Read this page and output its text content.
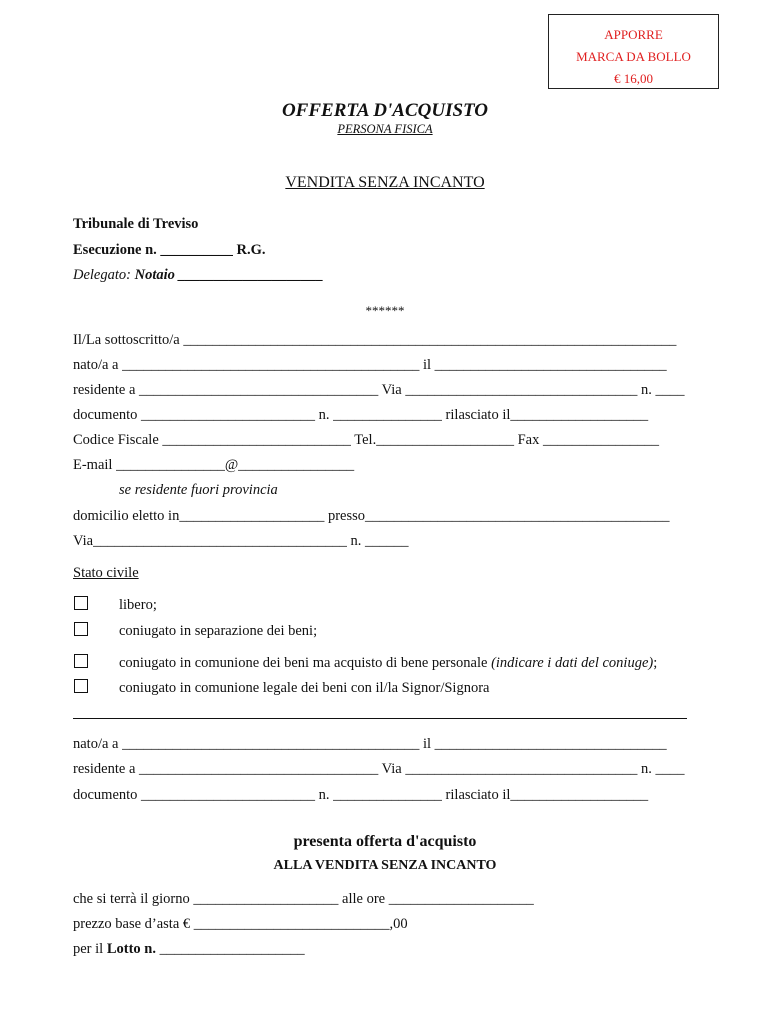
APPORRE
MARCA DA BOLLO
€ 16,00
OFFERTA D'ACQUISTO
PERSONA FISICA
VENDITA SENZA INCANTO
Tribunale di Treviso
Esecuzione n. __________ R.G.
Delegato: Notaio ____________________
******
Il/La sottoscritto/a ____________________________________________________________________
nato/a a _________________________________________ il ________________________________
residente a _________________________________ Via ________________________________ n. ____
documento ________________________ n. _______________ rilasciato il___________________
Codice Fiscale __________________________ Tel.___________________ Fax ________________
E-mail _______________@________________
se residente fuori provincia
domicilio eletto in____________________ presso__________________________________________
Via___________________________________ n. ______
Stato civile
libero;
coniugato in separazione dei beni;
coniugato in comunione dei beni ma acquisto di bene personale (indicare i dati del coniuge);
coniugato in comunione legale dei beni con il/la Signor/Signora
nato/a a _________________________________________ il ________________________________
residente a _________________________________ Via ________________________________ n. ____
documento ________________________ n. _______________ rilasciato il___________________
presenta offerta d'acquisto
ALLA VENDITA SENZA INCANTO
che si terrà il giorno ____________________ alle ore ____________________
prezzo base d’asta € ___________________________,00
per il Lotto n. ____________________
